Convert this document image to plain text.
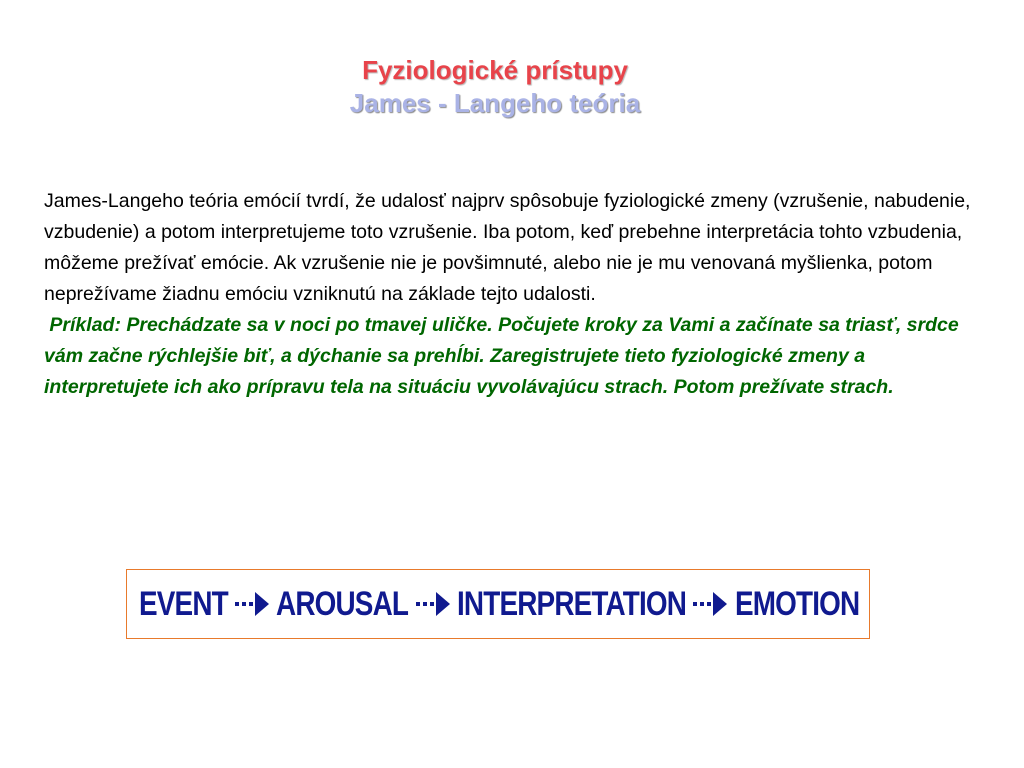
Fyziologické prístupy
James - Langeho teória
James-Langeho teória emócií tvrdí, že udalosť najprv spôsobuje fyziologické zmeny (vzrušenie, nabudenie, vzbudenie) a potom interpretujeme toto vzrušenie. Iba potom, keď prebehne interpretácia tohto vzbudenia, môžeme prežívať emócie. Ak vzrušenie nie je povšimnuté, alebo nie je mu venovaná myšlienka, potom neprežívame žiadnu emóciu vzniknutú na základe tejto udalosti.
Príklad: Prechádzate sa v noci po tmavej uličke. Počujete kroky za Vami a začínate sa triasť, srdce vám začne rýchlejšie biť, a dýchanie sa prehĺbi. Zaregistrujete tieto fyziologické zmeny a interpretujete ich ako prípravu tela na situáciu vyvolávajúcu strach. Potom prežívate strach.
EVENT AROUSAL INTERPRETATION EMOTION
